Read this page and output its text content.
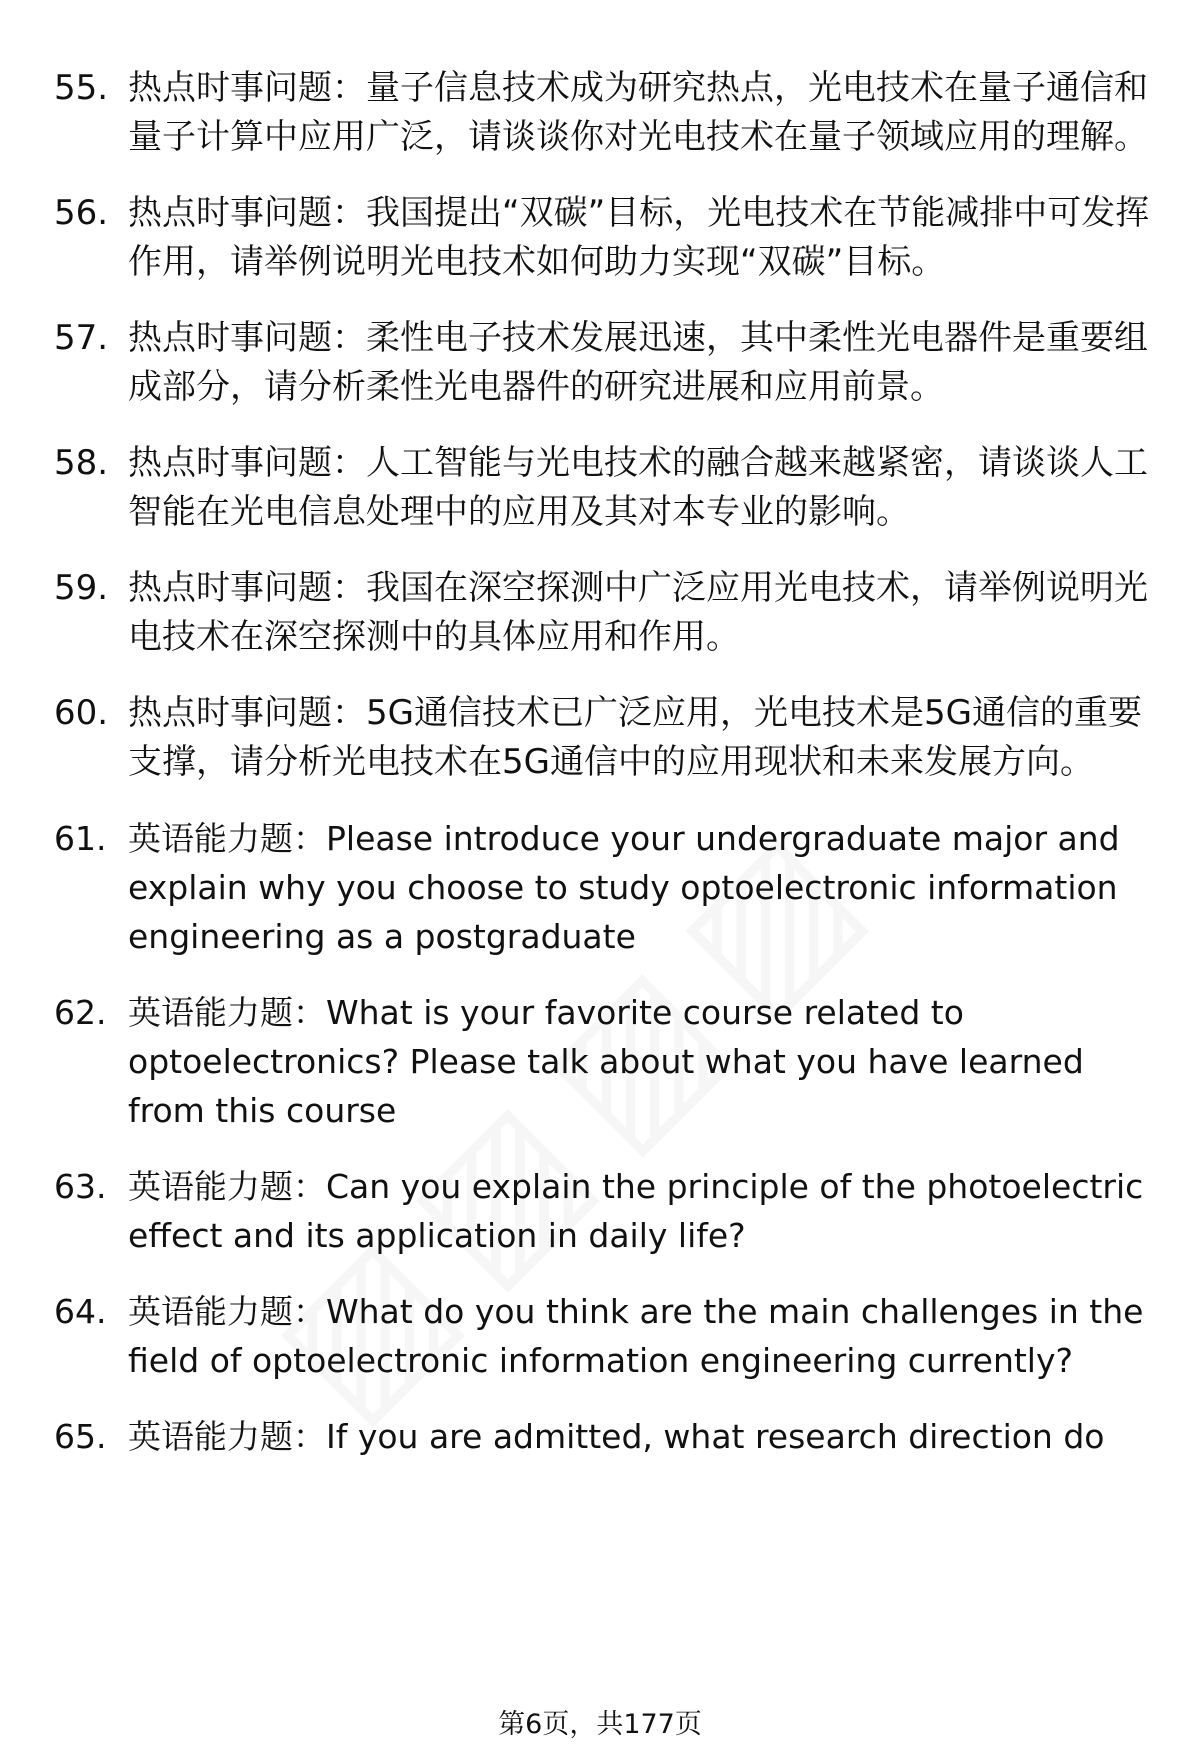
55. 热点时事问题：量子信息技术成为研究热点，光电技术在量子通信和量子计算中应用广泛，请谈谈你对光电技术在量子领域应用的理解。
56. 热点时事问题：我国提出“双碳”目标，光电技术在节能减排中可发挥作用，请举例说明光电技术如何助力实现“双碳”目标。
57. 热点时事问题：柔性电子技术发展迅速，其中柔性光电器件是重要组成部分，请分析柔性光电器件的研究进展和应用前景。
58. 热点时事问题：人工智能与光电技术的融合越来越紧密，请谈谈人工智能在光电信息处理中的应用及其对本专业的影响。
59. 热点时事问题：我国在深空探测中广泛应用光电技术，请举例说明光电技术在深空探测中的具体应用和作用。
60. 热点时事问题：5G通信技术已广泛应用，光电技术是5G通信的重要支撑，请分析光电技术在5G通信中的应用现状和未来发展方向。
61. 英语能力题：Please introduce your undergraduate major and explain why you choose to study optoelectronic information engineering as a postgraduate
62. 英语能力题：What is your favorite course related to optoelectronics? Please talk about what you have learned from this course
63. 英语能力题：Can you explain the principle of the photoelectric effect and its application in daily life?
64. 英语能力题：What do you think are the main challenges in the field of optoelectronic information engineering currently?
65. 英语能力题：If you are admitted, what research direction do
第6页，共177页
